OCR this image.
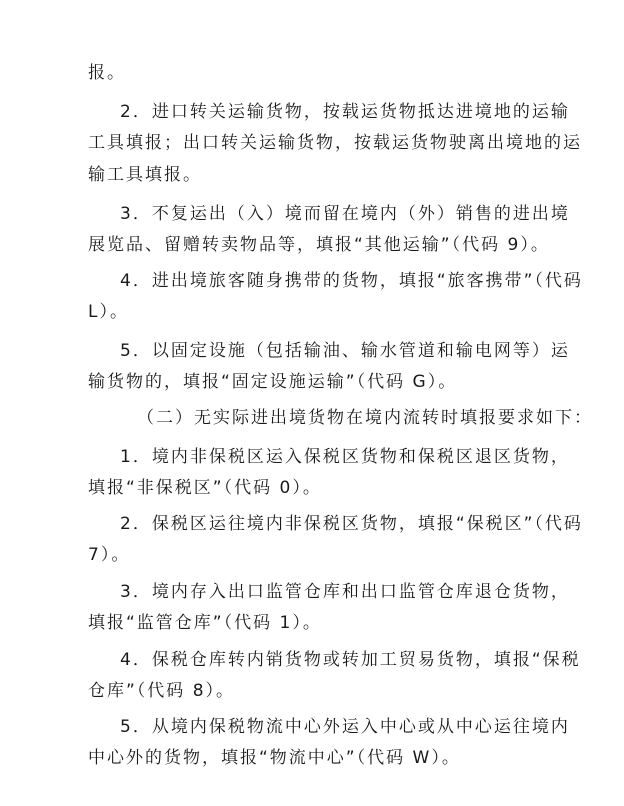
报。
2．进口转关运输货物，按载运货物抵达进境地的运输
工具填报；出口转关运输货物，按载运货物驶离出境地的运
输工具填报。
3．不复运出（入）境而留在境内（外）销售的进出境
展览品、留赠转卖物品等，填报“其他运输”（代码 9）。
4．进出境旅客随身携带的货物，填报“旅客携带”（代码
L）。
5．以固定设施（包括输油、输水管道和输电网等）运
输货物的，填报“固定设施运输”（代码 G）。
（二）无实际进出境货物在境内流转时填报要求如下：
1．境内非保税区运入保税区货物和保税区退区货物，
填报“非保税区”（代码 0）。
2．保税区运往境内非保税区货物，填报“保税区”（代码
7）。
3．境内存入出口监管仓库和出口监管仓库退仓货物，
填报“监管仓库”（代码 1）。
4．保税仓库转内销货物或转加工贸易货物，填报“保税
仓库”（代码 8）。
5．从境内保税物流中心外运入中心或从中心运往境内
中心外的货物，填报“物流中心”（代码 W）。
